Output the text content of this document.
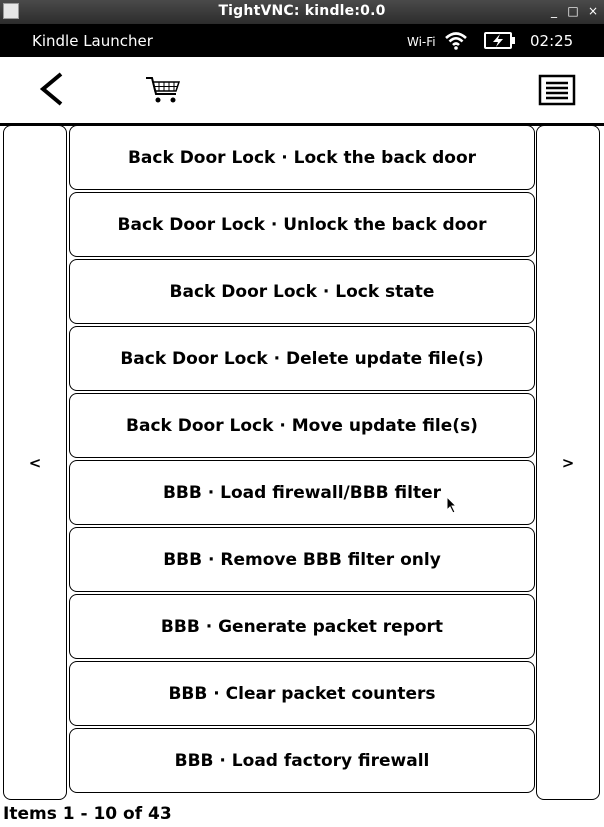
TightVNC: kindle:0.0	_ □ ×
Kindle Launcher	Wi-Fi	02:25
<	>
Back Door Lock · Lock the back door
Back Door Lock · Unlock the back door
Back Door Lock · Lock state
Back Door Lock · Delete update file(s)
Back Door Lock · Move update file(s)
BBB · Load firewall/BBB filter
BBB · Remove BBB filter only
BBB · Generate packet report
BBB · Clear packet counters
BBB · Load factory firewall
Items 1 - 10 of 43
